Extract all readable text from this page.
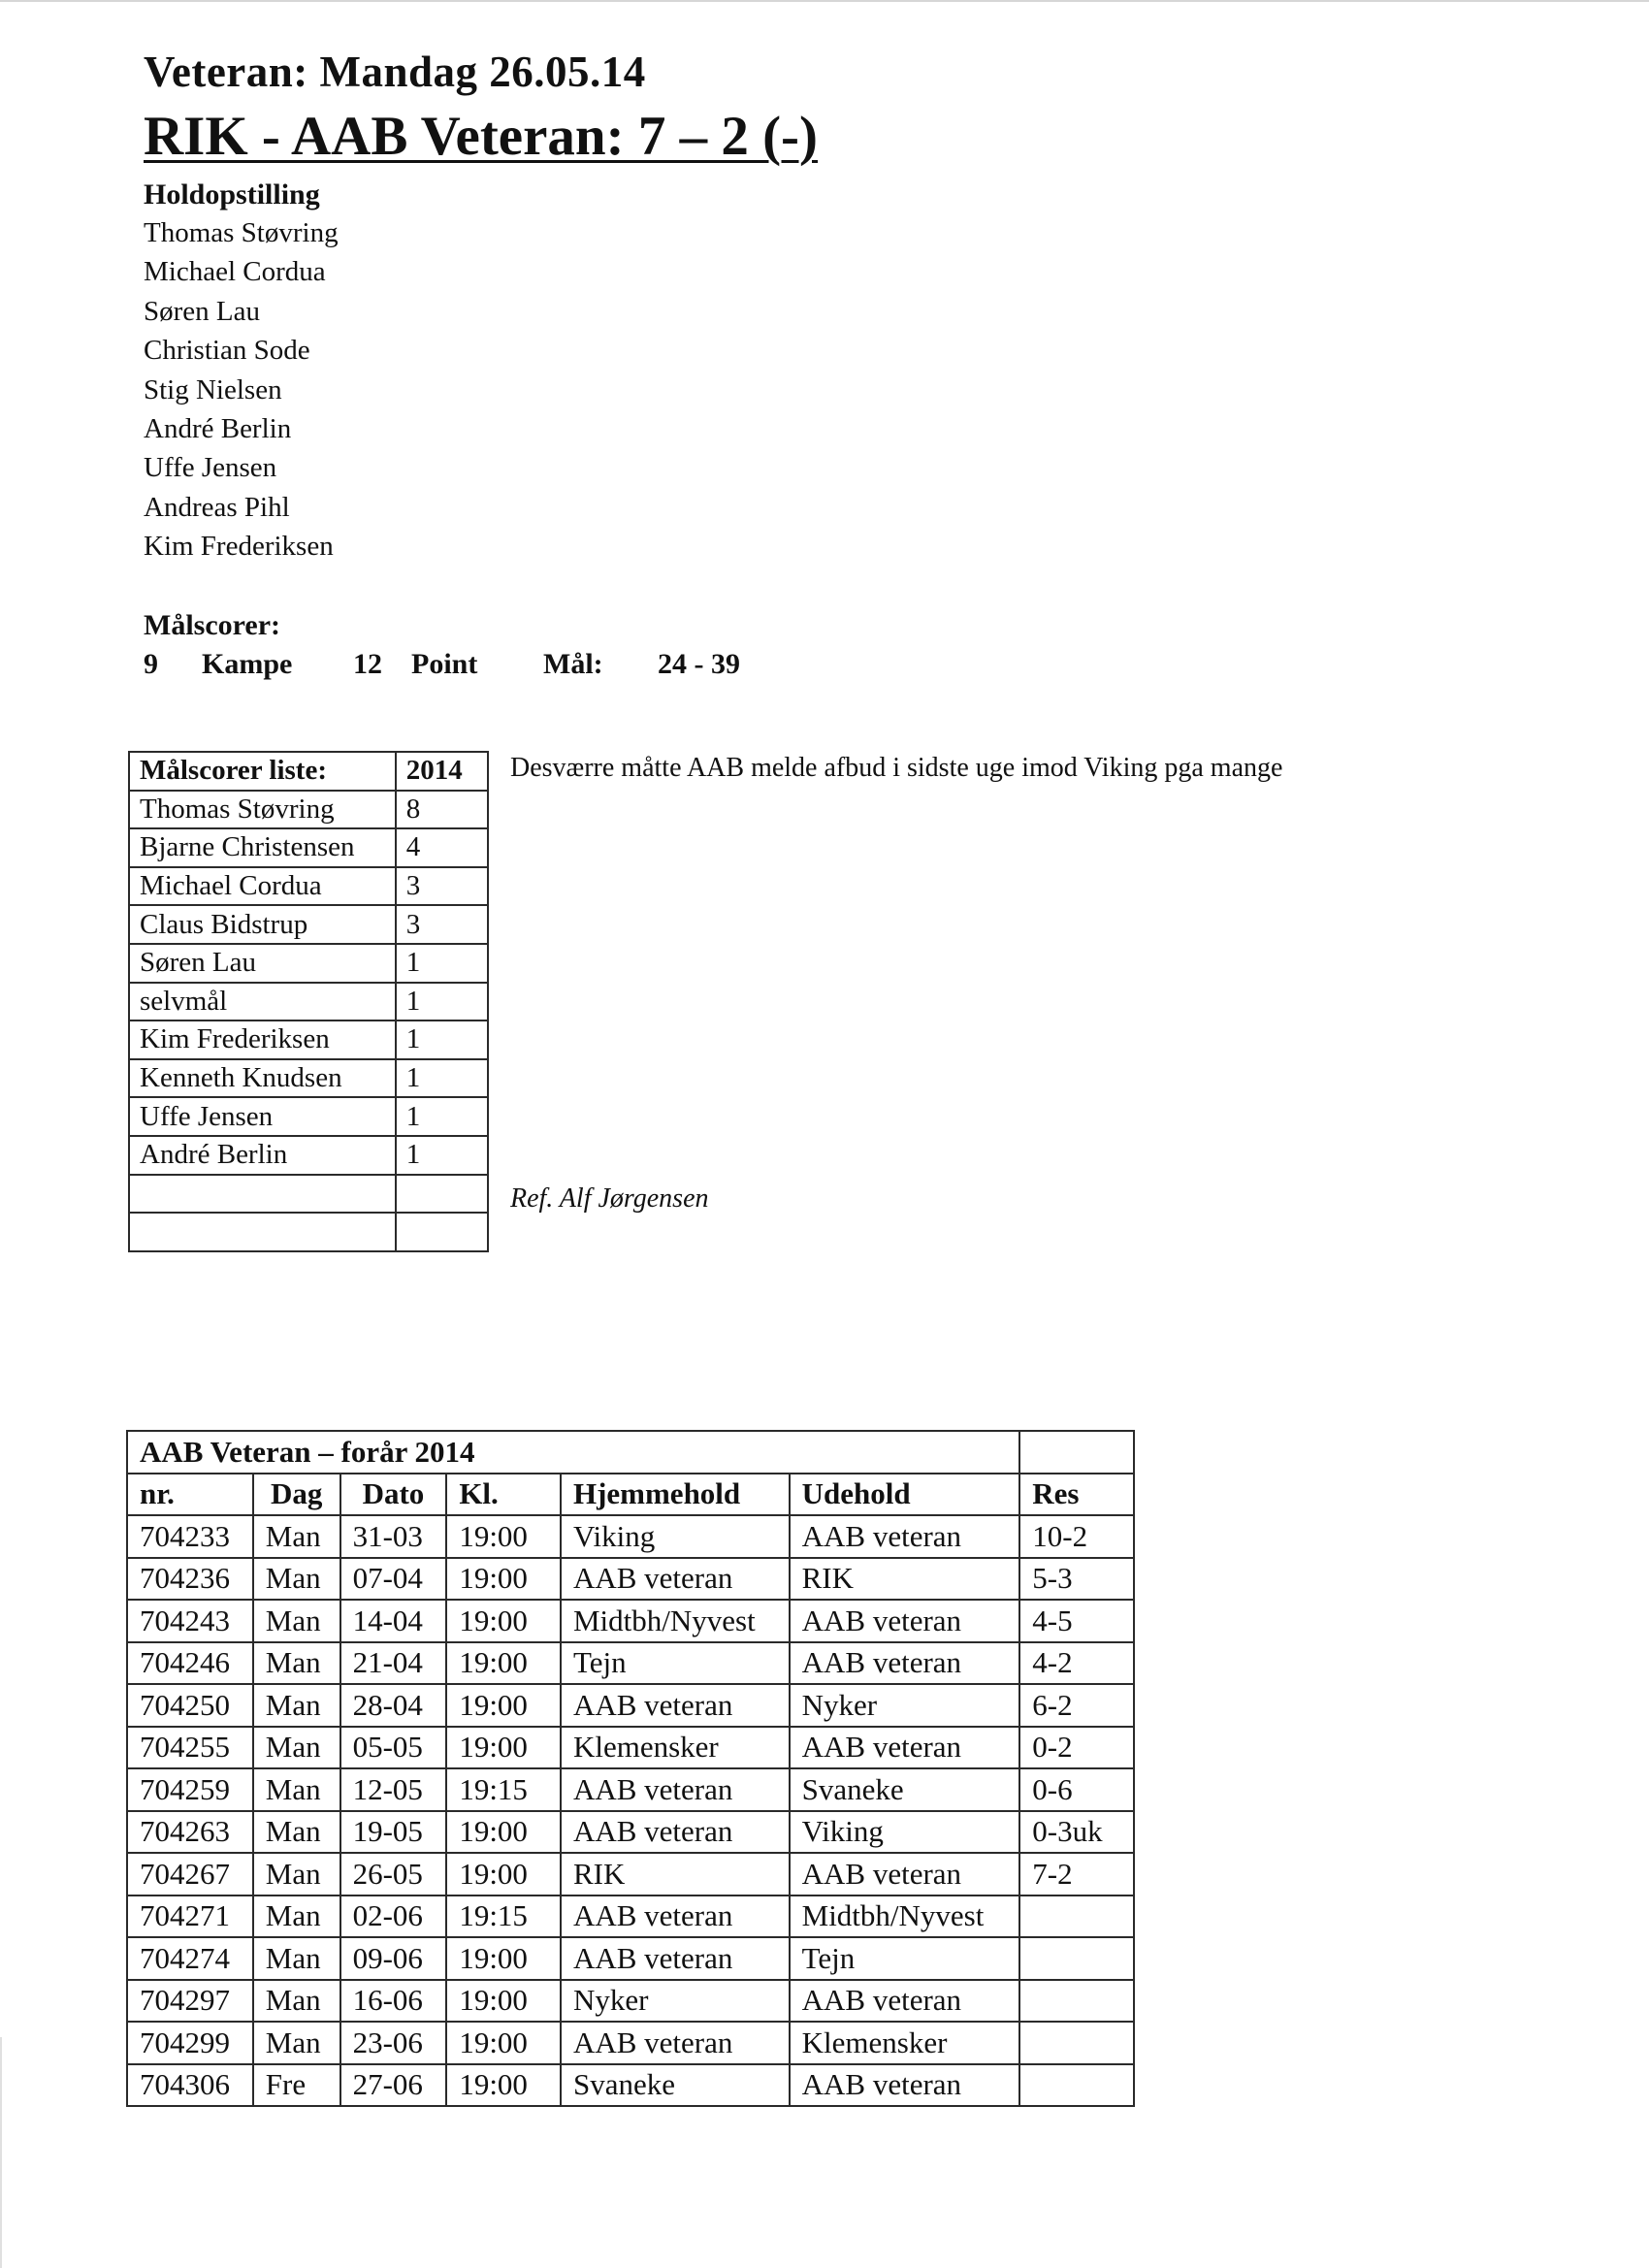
Veteran: Mandag 26.05.14
RIK - AAB Veteran: 7 – 2 (-)
Holdopstilling
Thomas Støvring
Michael Cordua
Søren Lau
Christian Sode
Stig Nielsen
André Berlin
Uffe Jensen
Andreas Pihl
Kim Frederiksen
Målscorer:
9 Kampe 12 Point Mål: 24 - 39
Målscorer liste:	2014
Thomas Støvring	8
Bjarne Christensen	4
Michael Cordua	3
Claus Bidstrup	3
Søren Lau	1
selvmål	1
Kim Frederiksen	1
Kenneth Knudsen	1
Uffe Jensen	1
André Berlin	1

Desværre måtte AAB melde afbud i sidste uge imod Viking pga mange
Ref. Alf Jørgensen
AAB Veteran – forår 2014						
nr.	Dag	Dato	Kl.	Hjemmehold	Udehold	Res
704233	Man	31-03	19:00	Viking	AAB veteran	10-2
704236	Man	07-04	19:00	AAB veteran	RIK	5-3
704243	Man	14-04	19:00	Midtbh/Nyvest	AAB veteran	4-5
704246	Man	21-04	19:00	Tejn	AAB veteran	4-2
704250	Man	28-04	19:00	AAB veteran	Nyker	6-2
704255	Man	05-05	19:00	Klemensker	AAB veteran	0-2
704259	Man	12-05	19:15	AAB veteran	Svaneke	0-6
704263	Man	19-05	19:00	AAB veteran	Viking	0-3uk
704267	Man	26-05	19:00	RIK	AAB veteran	7-2
704271	Man	02-06	19:15	AAB veteran	Midtbh/Nyvest	
704274	Man	09-06	19:00	AAB veteran	Tejn	
704297	Man	16-06	19:00	Nyker	AAB veteran	
704299	Man	23-06	19:00	AAB veteran	Klemensker	
704306	Fre	27-06	19:00	Svaneke	AAB veteran	
